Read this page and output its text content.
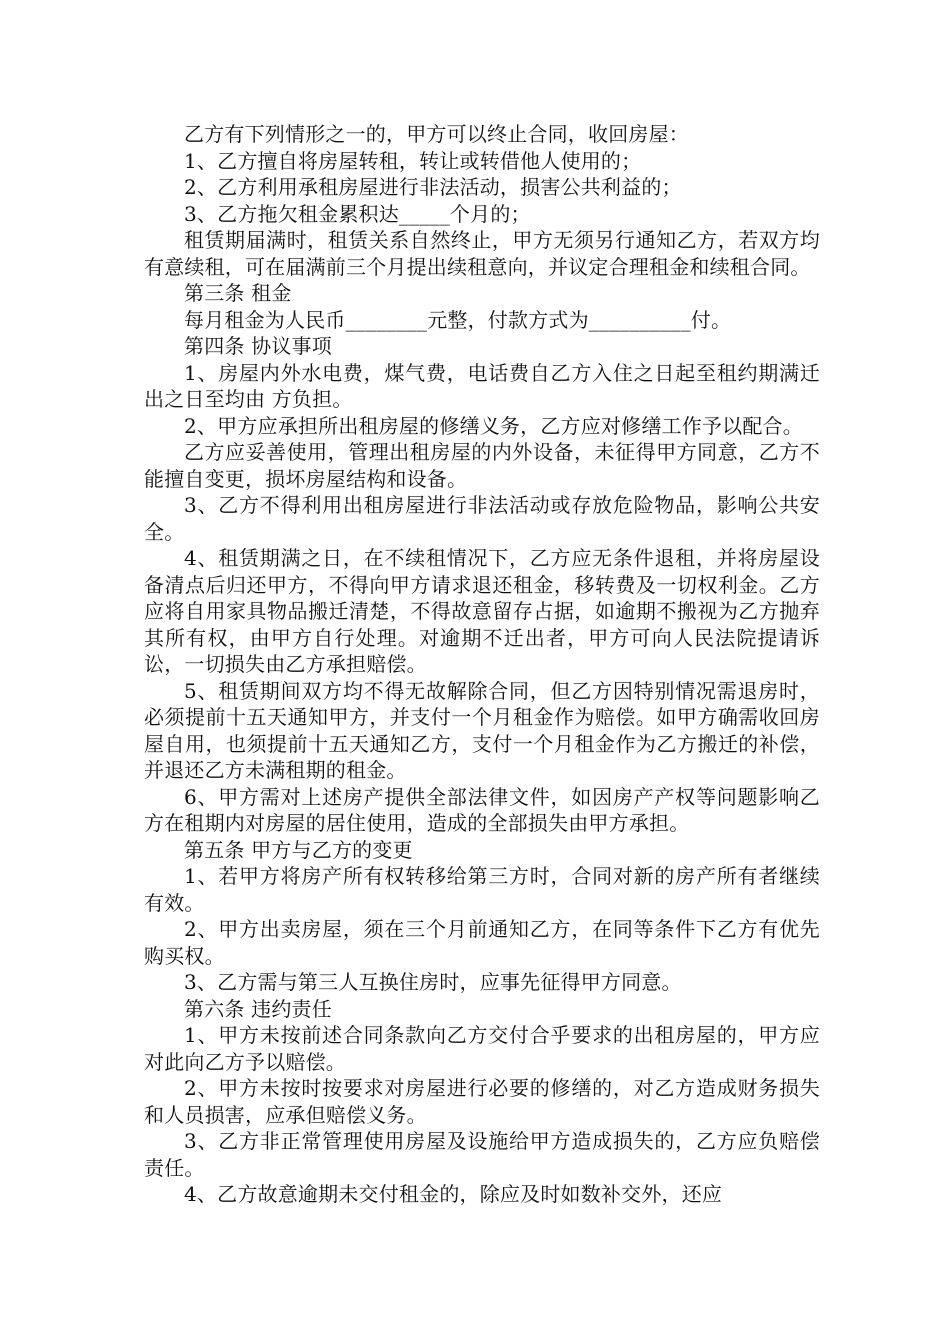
乙方有下列情形之一的，甲方可以终止合同，收回房屋：

1、乙方擅自将房屋转租，转让或转借他人使用的；

2、乙方利用承租房屋进行非法活动，损害公共利益的；

3、乙方拖欠租金累积达_____个月的；

租赁期届满时，租赁关系自然终止，甲方无须另行通知乙方，若双方均有意续租，可在届满前三个月提出续租意向，并议定合理租金和续租合同。

第三条 租金

每月租金为人民币________元整，付款方式为__________付。

第四条 协议事项

1、房屋内外水电费，煤气费，电话费自乙方入住之日起至租约期满迁出之日至均由 方负担。

2、甲方应承担所出租房屋的修缮义务，乙方应对修缮工作予以配合。

乙方应妥善使用，管理出租房屋的内外设备，未征得甲方同意，乙方不能擅自变更，损坏房屋结构和设备。

3、乙方不得利用出租房屋进行非法活动或存放危险物品，影响公共安全。

4、租赁期满之日，在不续租情况下，乙方应无条件退租，并将房屋设备清点后归还甲方，不得向甲方请求退还租金，移转费及一切权利金。乙方应将自用家具物品搬迁清楚，不得故意留存占据，如逾期不搬视为乙方抛弃其所有权，由甲方自行处理。对逾期不迁出者，甲方可向人民法院提请诉讼，一切损失由乙方承担赔偿。

5、租赁期间双方均不得无故解除合同，但乙方因特别情况需退房时，必须提前十五天通知甲方，并支付一个月租金作为赔偿。如甲方确需收回房屋自用，也须提前十五天通知乙方，支付一个月租金作为乙方搬迁的补偿，并退还乙方未满租期的租金。

6、甲方需对上述房产提供全部法律文件，如因房产产权等问题影响乙方在租期内对房屋的居住使用，造成的全部损失由甲方承担。

第五条 甲方与乙方的变更

1、若甲方将房产所有权转移给第三方时，合同对新的房产所有者继续有效。

2、甲方出卖房屋，须在三个月前通知乙方，在同等条件下乙方有优先购买权。

3、乙方需与第三人互换住房时，应事先征得甲方同意。

第六条 违约责任

1、甲方未按前述合同条款向乙方交付合乎要求的出租房屋的，甲方应对此向乙方予以赔偿。

2、甲方未按时按要求对房屋进行必要的修缮的，对乙方造成财务损失和人员损害，应承但赔偿义务。

3、乙方非正常管理使用房屋及设施给甲方造成损失的，乙方应负赔偿责任。

4、乙方故意逾期未交付租金的，除应及时如数补交外，还应
